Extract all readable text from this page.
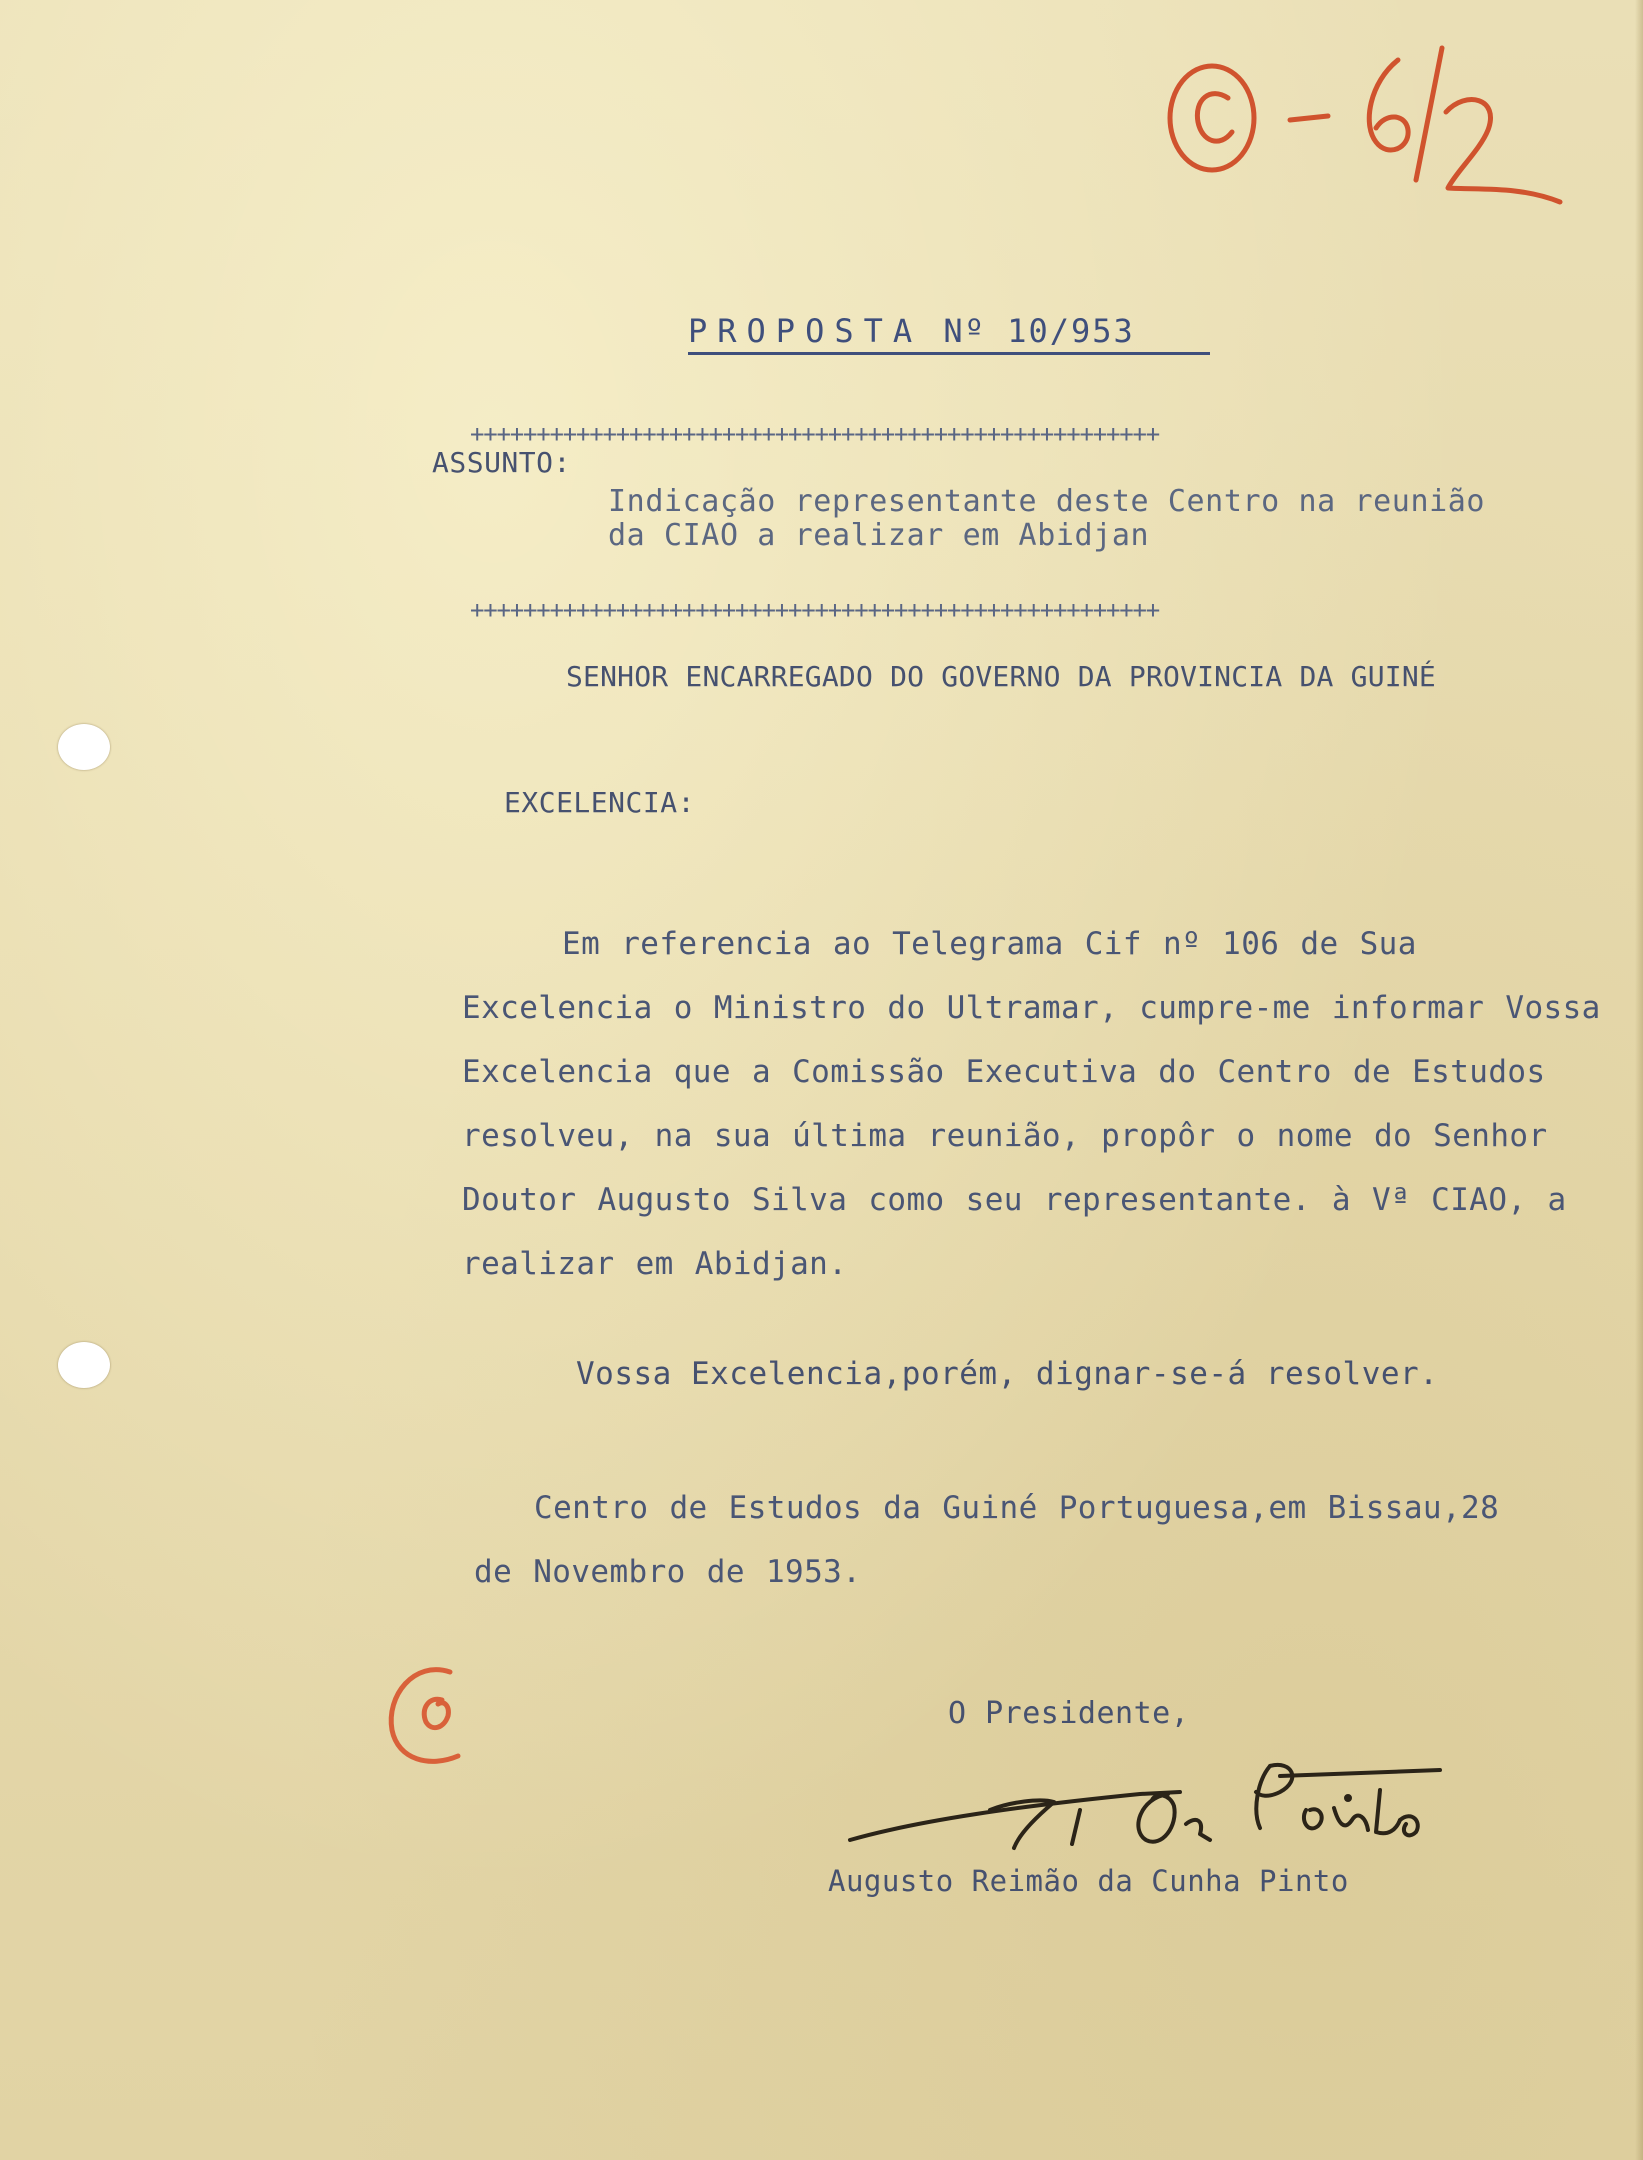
PROPOSTA Nº 10/953
++++++++++++++++++++++++++++++++++++++++++++++++++++
ASSUNTO:
Indicação representante deste Centro na reunião
da CIAO a realizar em Abidjan
++++++++++++++++++++++++++++++++++++++++++++++++++++
SENHOR ENCARREGADO DO GOVERNO DA PROVINCIA DA GUINÉ
EXCELENCIA:
Em referencia ao Telegrama Cif nº 106 de Sua Excelencia o Ministro do Ultramar, cumpre-me informar Vossa Excelencia que a Comissão Executiva do Centro de Estudos resolveu, na sua última reunião, propôr o nome do Senhor Doutor Augusto Silva como seu representante. à Vª CIAO, a realizar em Abidjan.
Vossa Excelencia,porém, dignar-se-á resolver.
Centro de Estudos da Guiné Portuguesa,em Bissau,28 de Novembro de 1953.
O Presidente,
Augusto Reimão da Cunha Pinto
